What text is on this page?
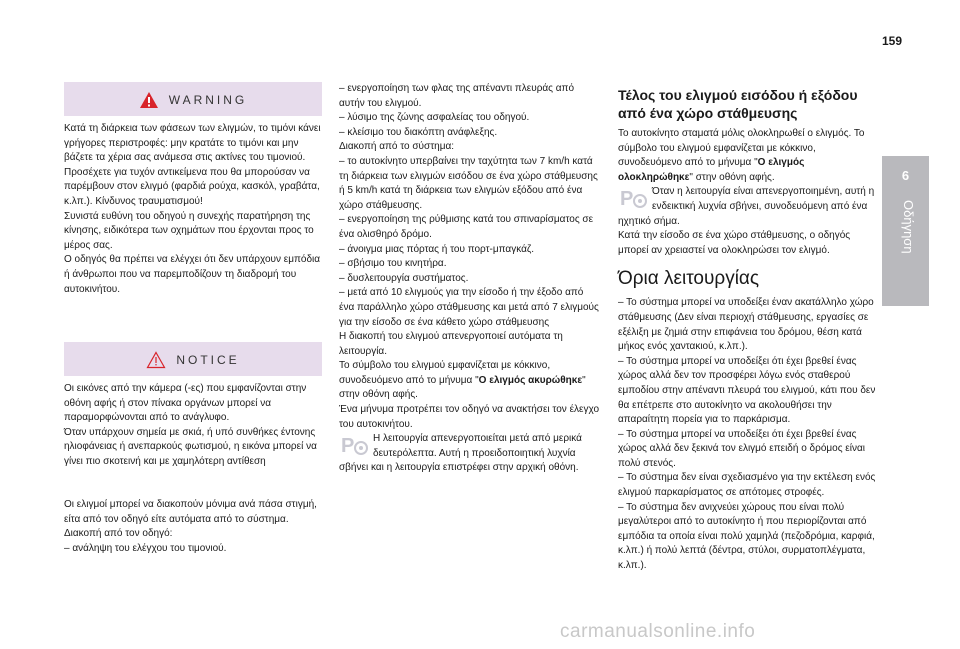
159
6
Οδήγηση
WARNING

Κατά τη διάρκεια των φάσεων των ελιγμών, το τιμόνι κάνει γρήγορες περιστροφές: μην κρατάτε το τιμόνι και μην βάζετε τα χέρια σας ανάμεσα στις ακτίνες του τιμονιού. Προσέχετε για τυχόν αντικείμενα που θα μπορούσαν να παρέμβουν στον ελιγμό (φαρδιά ρούχα, κασκόλ, γραβάτα, κ.λπ.). Κίνδυνος τραυματισμού!

Συνιστά ευθύνη του οδηγού η συνεχής παρατήρηση της κίνησης, ειδικότερα των οχημάτων που έρχονται προς το μέρος σας.

Ο οδηγός θα πρέπει να ελέγχει ότι δεν υπάρχουν εμπόδια ή άνθρωποι που να παρεμποδίζουν τη διαδρομή του αυτοκινήτου.

NOTICE

Οι εικόνες από την κάμερα (-ες) που εμφανίζονται στην οθόνη αφής ή στον πίνακα οργάνων μπορεί να παραμορφώνονται από το ανάγλυφο.

Όταν υπάρχουν σημεία με σκιά, ή υπό συνθήκες έντονης ηλιοφάνειας ή ανεπαρκούς φωτισμού, η εικόνα μπορεί να γίνει πιο σκοτεινή και με χαμηλότερη αντίθεση

Οι ελιγμοί μπορεί να διακοπούν μόνιμα ανά πάσα στιγμή, είτα από τον οδηγό είτε αυτόματα από το σύστημα.

Διακοπή από τον οδηγό:

– ανάληψη του ελέγχου του τιμονιού.

– ενεργοποίηση των φλας της απέναντι πλευράς από αυτήν του ελιγμού.

– λύσιμο της ζώνης ασφαλείας του οδηγού.

– κλείσιμο του διακόπτη ανάφλεξης.

Διακοπή από το σύστημα:

– το αυτοκίνητο υπερβαίνει την ταχύτητα των 7 km/h κατά τη διάρκεια των ελιγμών εισόδου σε ένα χώρο στάθμευσης ή 5 km/h κατά τη διάρκεια των ελιγμών εξόδου από ένα χώρο στάθμευσης.

– ενεργοποίηση της ρύθμισης κατά του σπιναρίσματος σε ένα ολισθηρό δρόμο.

– άνοιγμα μιας πόρτας ή του πορτ-μπαγκάζ.

– σβήσιμο του κινητήρα.

– δυσλειτουργία συστήματος.

– μετά από 10 ελιγμούς για την είσοδο ή την έξοδο από ένα παράλληλο χώρο στάθμευσης και μετά από 7 ελιγμούς για την είσοδο σε ένα κάθετο χώρο στάθμευσης

Η διακοπή του ελιγμού απενεργοποιεί αυτόματα τη λειτουργία.

Το σύμβολο του ελιγμού εμφανίζεται με κόκκινο, συνοδευόμενο από το μήνυμα "Ο ελιγμός ακυρώθηκε" στην οθόνη αφής.

Ένα μήνυμα προτρέπει τον οδηγό να ανακτήσει τον έλεγχο του αυτοκινήτου.

P Η λειτουργία απενεργοποιείται μετά από μερικά δευτερόλεπτα. Αυτή η προειδοποιητική λυχνία σβήνει και η λειτουργία επιστρέφει στην αρχική οθόνη.

Τέλος του ελιγμού εισόδου ή εξόδου από ένα χώρο στάθμευσης

Το αυτοκίνητο σταματά μόλις ολοκληρωθεί ο ελιγμός. Το σύμβολο του ελιγμού εμφανίζεται με κόκκινο, συνοδευόμενο από το μήνυμα "Ο ελιγμός ολοκληρώθηκε" στην οθόνη αφής.

P Όταν η λειτουργία είναι απενεργοποιημένη, αυτή η ενδεικτική λυχνία σβήνει, συνοδευόμενη από ένα ηχητικό σήμα.

Κατά την είσοδο σε ένα χώρο στάθμευσης, ο οδηγός μπορεί αν χρειαστεί να ολοκληρώσει τον ελιγμό.

Όρια λειτουργίας

– Το σύστημα μπορεί να υποδείξει έναν ακατάλληλο χώρο στάθμευσης (Δεν είναι περιοχή στάθμευσης, εργασίες σε εξέλιξη με ζημιά στην επιφάνεια του δρόμου, θέση κατά μήκος ενός χαντακιού, κ.λπ.).

– Το σύστημα μπορεί να υποδείξει ότι έχει βρεθεί ένας χώρος αλλά δεν τον προσφέρει λόγω ενός σταθερού εμποδίου στην απέναντι πλευρά του ελιγμού, κάτι που δεν θα επέτρεπε στο αυτοκίνητο να ακολουθήσει την απαραίτητη πορεία για το παρκάρισμα.

– Το σύστημα μπορεί να υποδείξει ότι έχει βρεθεί ένας χώρος αλλά δεν ξεκινά τον ελιγμό επειδή ο δρόμος είναι πολύ στενός.

– Το σύστημα δεν είναι σχεδιασμένο για την εκτέλεση ενός ελιγμού παρκαρίσματος σε απότομες στροφές.

– Το σύστημα δεν ανιχνεύει χώρους που είναι πολύ μεγαλύτεροι από το αυτοκίνητο ή που περιορίζονται από εμπόδια τα οποία είναι πολύ χαμηλά (πεζοδρόμια, καρφιά, κ.λπ.) ή πολύ λεπτά (δέντρα, στύλοι, συρματοπλέγματα, κ.λπ.).

carmanualsonline.info
